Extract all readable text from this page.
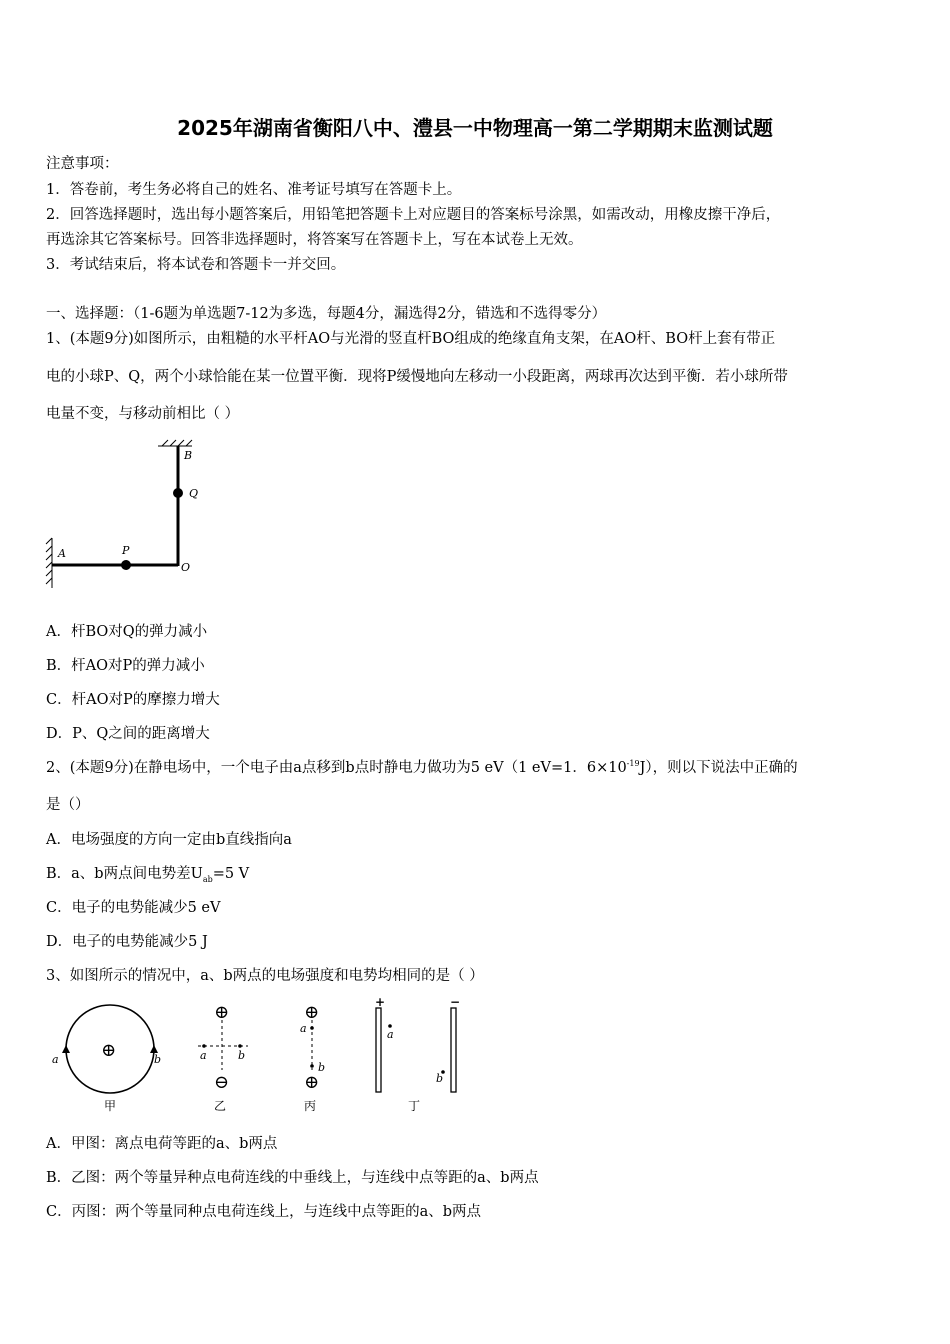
2025年湖南省衡阳八中、澧县一中物理高一第二学期期末监测试题
注意事项：
1．答卷前，考生务必将自己的姓名、准考证号填写在答题卡上。
2．回答选择题时，选出每小题答案后，用铅笔把答题卡上对应题目的答案标号涂黑，如需改动，用橡皮擦干净后，
再选涂其它答案标号。回答非选择题时，将答案写在答题卡上，写在本试卷上无效。
3．考试结束后，将本试卷和答题卡一并交回。
一、选择题：（1-6题为单选题7-12为多选，每题4分，漏选得2分，错选和不选得零分）
1、(本题9分)如图所示，由粗糙的水平杆AO与光滑的竖直杆BO组成的绝缘直角支架，在AO杆、BO杆上套有带正
电的小球P、Q，两个小球恰能在某一位置平衡．现将P缓慢地向左移动一小段距离，两球再次达到平衡．若小球所带
电量不变，与移动前相比（ ）
A
B
P
Q
O
A．杆BO对Q的弹力减小
B．杆AO对P的弹力减小
C．杆AO对P的摩擦力增大
D．P、Q之间的距离增大
2、(本题9分)在静电场中，一个电子由a点移到b点时静电力做功为5 eV（1 eV=1．$6\times 10^{-19}J$），则以下说法中正确的
是（）
A．电场强度的方向一定由b直线指向a
B．a、b两点间电势差$U_{ab}=5$ V
C．电子的电势能减少5 eV
D．电子的电势能减少5 J
3、如图所示的情况中，a、b两点的电场强度和电势均相同的是（ ）
⊕
a	b
甲
⊕
⊖
a	b
乙
⊕
⊕
a
b
丙
+	−
a
b
丁
A．甲图：离点电荷等距的a、b两点
B．乙图：两个等量异种点电荷连线的中垂线上，与连线中点等距的a、b两点
C．丙图：两个等量同种点电荷连线上，与连线中点等距的a、b两点
